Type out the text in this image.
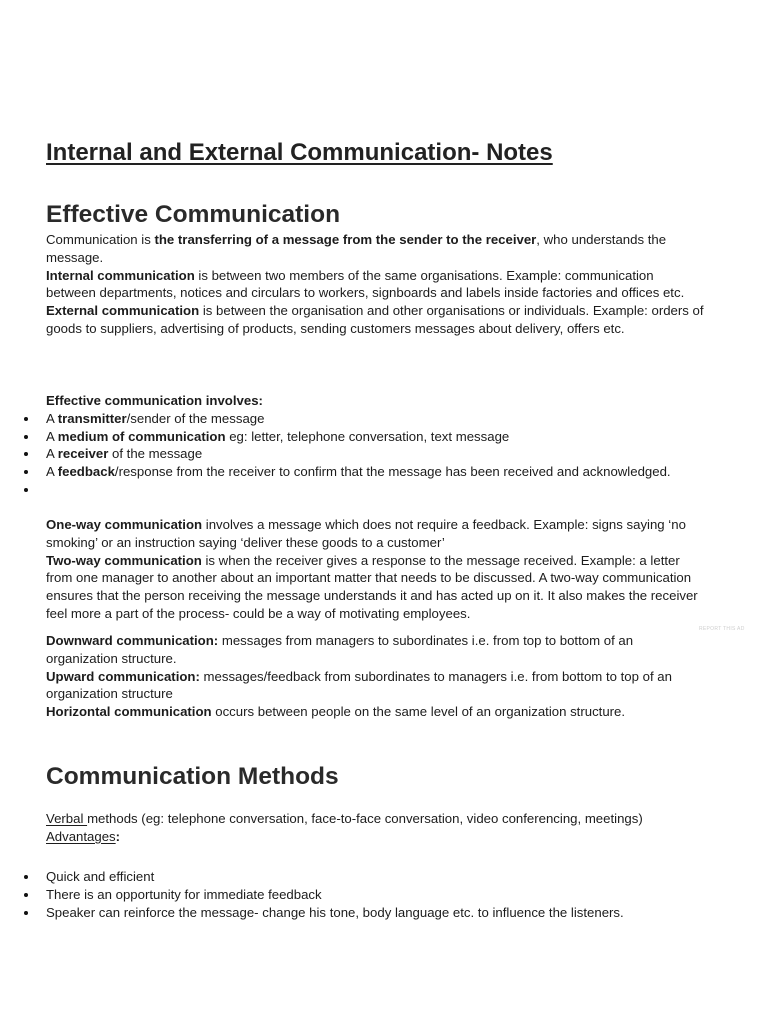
Internal and External Communication- Notes
Effective Communication

Communication is the transferring of a message from the sender to the receiver, who understands the message.

Internal communication is between two members of the same organisations. Example: communication between departments, notices and circulars to workers, signboards and labels inside factories and offices etc.

External communication is between the organisation and other organisations or individuals. Example: orders of goods to suppliers, advertising of products, sending customers messages about delivery, offers etc.

Effective communication involves:

A transmitter/sender of the message
A medium of communication eg: letter, telephone conversation, text message
A receiver of the message
A feedback/response from the receiver to confirm that the message has been received and acknowledged.

One-way communication involves a message which does not require a feedback. Example: signs saying ‘no smoking’ or an instruction saying ‘deliver these goods to a customer’

Two-way communication is when the receiver gives a response to the message received. Example: a letter from one manager to another about an important matter that needs to be discussed. A two-way communication ensures that the person receiving the message understands it and has acted up on it. It also makes the receiver feel more a part of the process- could be a way of motivating employees.

REPORT THIS AD

Downward communication: messages from managers to subordinates i.e. from top to bottom of an organization structure.

Upward communication: messages/feedback from subordinates to managers i.e. from bottom to top of an organization structure

Horizontal communication occurs between people on the same level of an organization structure.

Communication Methods

Verbal methods (eg: telephone conversation, face-to-face conversation, video conferencing, meetings)

Advantages:

Quick and efficient
There is an opportunity for immediate feedback
Speaker can reinforce the message- change his tone, body language etc. to influence the listeners.
